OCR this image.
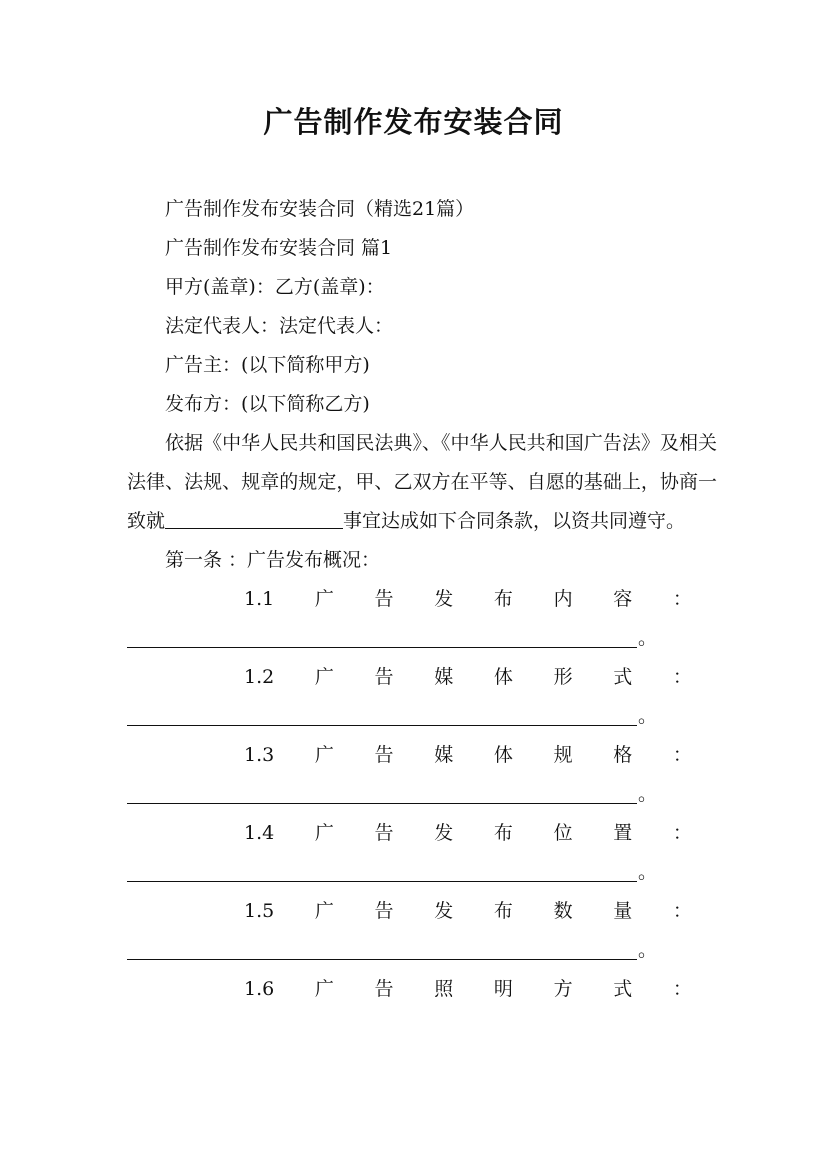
广告制作发布安装合同

广告制作发布安装合同（精选21篇）

广告制作发布安装合同 篇1

甲方(盖章)：乙方(盖章)：

法定代表人：法定代表人：

广告主：(以下简称甲方)

发布方：(以下简称乙方)

依据《中华人民共和国民法典》、《中华人民共和国广告法》及相关法律、法规、规章的规定，甲、乙双方在平等、自愿的基础上，协商一致就	事宜达成如下合同条款，以资共同遵守。

第一条 ：广告发布概况：

1.1 广 告 发 布 内 容 ：
。
1.2 广 告 媒 体 形 式 ：
。
1.3 广 告 媒 体 规 格 ：
。
1.4 广 告 发 布 位 置 ：
。
1.5 广 告 发 布 数 量 ：
。
1.6 广 告 照 明 方 式 ：
